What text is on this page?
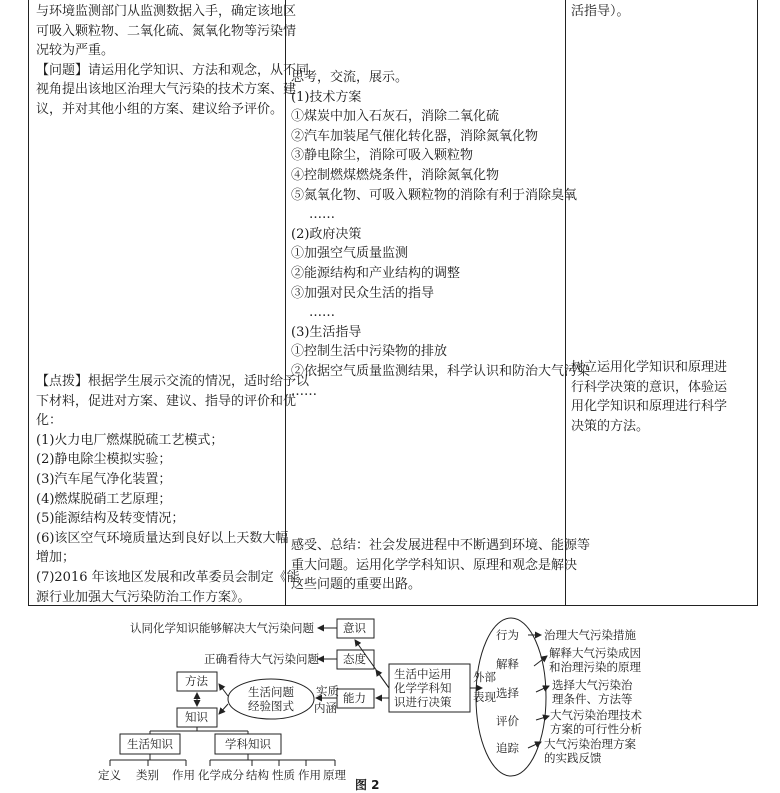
与环境监测部门从监测数据入手，确定该地区

可吸入颗粒物、二氧化硫、氮氧化物等污染情

况较为严重。

【问题】请运用化学知识、方法和观念，从不同

视角提出该地区治理大气污染的技术方案、建

议，并对其他小组的方案、建议给予评价。

【点拨】根据学生展示交流的情况，适时给予以

下材料，促进对方案、建议、指导的评价和优

化：

(1)火力电厂燃煤脱硫工艺模式；

(2)静电除尘模拟实验；

(3)汽车尾气净化装置；

(4)燃煤脱硝工艺原理；

(5)能源结构及转变情况；

(6)该区空气环境质量达到良好以上天数大幅

增加；

(7)2016 年该地区发展和改革委员会制定《能

源行业加强大气污染防治工作方案》。

思考，交流，展示。

(1)技术方案

①煤炭中加入石灰石，消除二氧化硫

②汽车加装尾气催化转化器，消除氮氧化物

③静电除尘，消除可吸入颗粒物

④控制燃煤燃烧条件，消除氮氧化物

⑤氮氧化物、可吸入颗粒物的消除有利于消除臭氧

……

(2)政府决策

①加强空气质量监测

②能源结构和产业结构的调整

③加强对民众生活的指导

……

(3)生活指导

①控制生活中污染物的排放

②依据空气质量监测结果，科学认识和防治大气污染

……

感受、总结：社会发展进程中不断遇到环境、能源等

重大问题。运用化学学科知识、原理和观念是解决

这些问题的重要出路。

活指导）。

树立运用化学知识和原理进

行科学决策的意识，体验运

用化学知识和原理进行科学

决策的方法。

认同化学知识能够解决大气污染问题
正确看待大气污染问题
意识
态度
能力
生活中运用
化学学科知
识进行决策
外部
表现
实质
内涵
生活问题
经验图式
方法
知识
生活知识	学科知识
定义 类别 作用 化学成分 结构 性质 作用 原理
行为
解释
选择
评价
追踪
治理大气污染措施
解释大气污染成因
和治理污染的原理
选择大气污染治
理条件、方法等
大气污染治理技术
方案的可行性分析
大气污染治理方案
的实践反馈
图 2
